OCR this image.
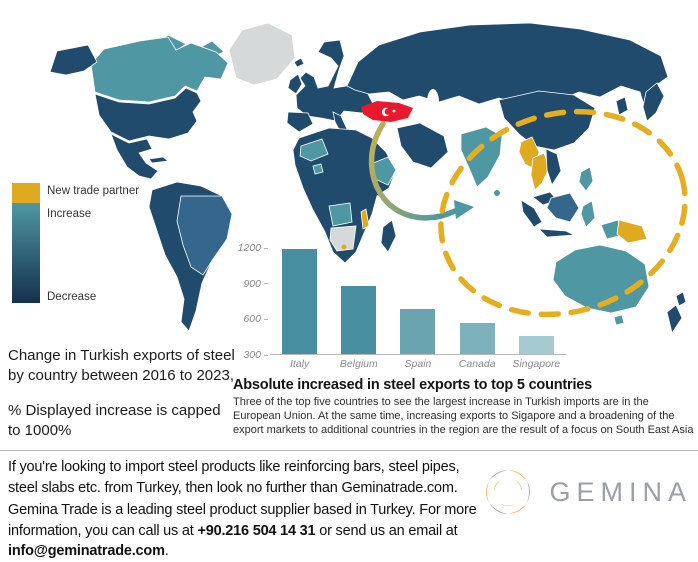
New trade partner
Increase
Decrease

Change in Turkish exports of steel by country between 2016 to 2023,

% Displayed increase is capped to 1000%

1200
900
600
300
Italy	Belgium	Spain	Canada	Singapore
Absolute increased in steel exports to top 5 countries
Three of the top five countries to see the largest increase in Turkish imports are in the European Union. At the same time, increasing exports to Sigapore and a broadening of the export markets to additional countries in the region are the result of a focus on South East Asia

If you're looking to import steel products like reinforcing bars, steel pipes, steel slabs etc. from Turkey, then look no further than Geminatrade.com.

Gemina Trade is a leading steel product supplier based in Turkey. For more information, you can call us at +90.216 504 14 31 or send us an email at info@geminatrade.com.

GEMINA
